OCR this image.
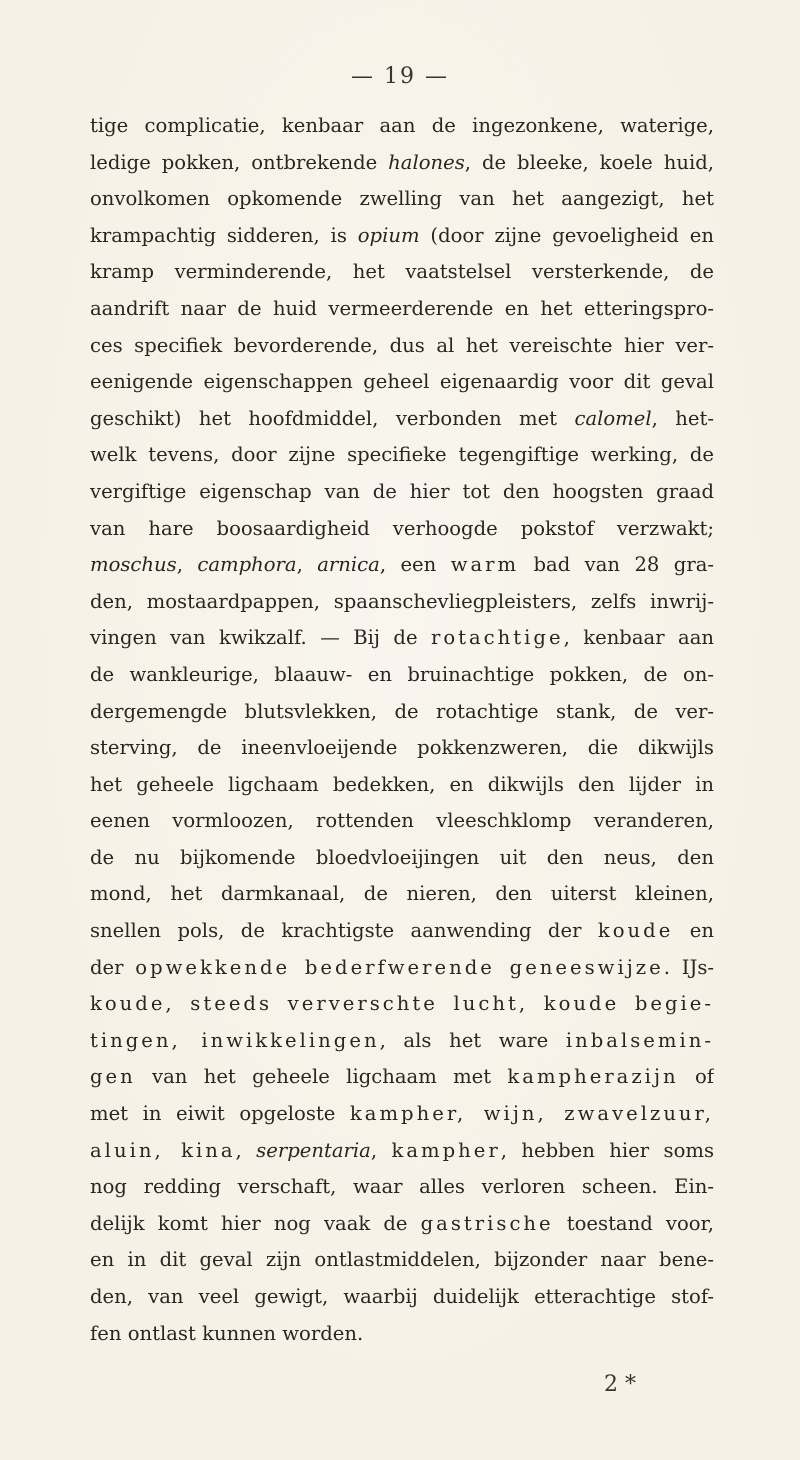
— 19 —
tige complicatie, kenbaar aan de ingezonkene, waterige,
ledige pokken, ontbrekende halones, de bleeke, koele huid,
onvolkomen opkomende zwelling van het aangezigt, het
krampachtig sidderen, is opium (door zijne gevoeligheid en
kramp verminderende, het vaatstelsel versterkende, de
aandrift naar de huid vermeerderende en het etteringspro-
ces specifiek bevorderende, dus al het vereischte hier ver-
eenigende eigenschappen geheel eigenaardig voor dit geval
geschikt) het hoofdmiddel, verbonden met calomel, het-
welk tevens, door zijne specifieke tegengiftige werking, de
vergiftige eigenschap van de hier tot den hoogsten graad
van hare boosaardigheid verhoogde pokstof verzwakt;
moschus, camphora, arnica, een warm bad van 28 gra-
den, mostaardpappen, spaanschevliegpleisters, zelfs inwrij-
vingen van kwikzalf. — Bij de rotachtige, kenbaar aan
de wankleurige, blaauw- en bruinachtige pokken, de on-
dergemengde blutsvlekken, de rotachtige stank, de ver-
sterving, de ineenvloeijende pokkenzweren, die dikwijls
het geheele ligchaam bedekken, en dikwijls den lijder in
eenen vormloozen, rottenden vleeschklomp veranderen,
de nu bijkomende bloedvloeijingen uit den neus, den
mond, het darmkanaal, de nieren, den uiterst kleinen,
snellen pols, de krachtigste aanwending der koude en
der opwekkende bederfwerende geneeswijze. IJs-
koude, steeds ververschte lucht, koude begie-
tingen, inwikkelingen, als het ware inbalsemin-
gen van het geheele ligchaam met kampherazijn of
met in eiwit opgeloste kampher, wijn, zwavelzuur,
aluin, kina, serpentaria, kampher, hebben hier soms
nog redding verschaft, waar alles verloren scheen. Ein-
delijk komt hier nog vaak de gastrische toestand voor,
en in dit geval zijn ontlastmiddelen, bijzonder naar bene-
den, van veel gewigt, waarbij duidelijk etterachtige stof-
fen ontlast kunnen worden.
2 *
